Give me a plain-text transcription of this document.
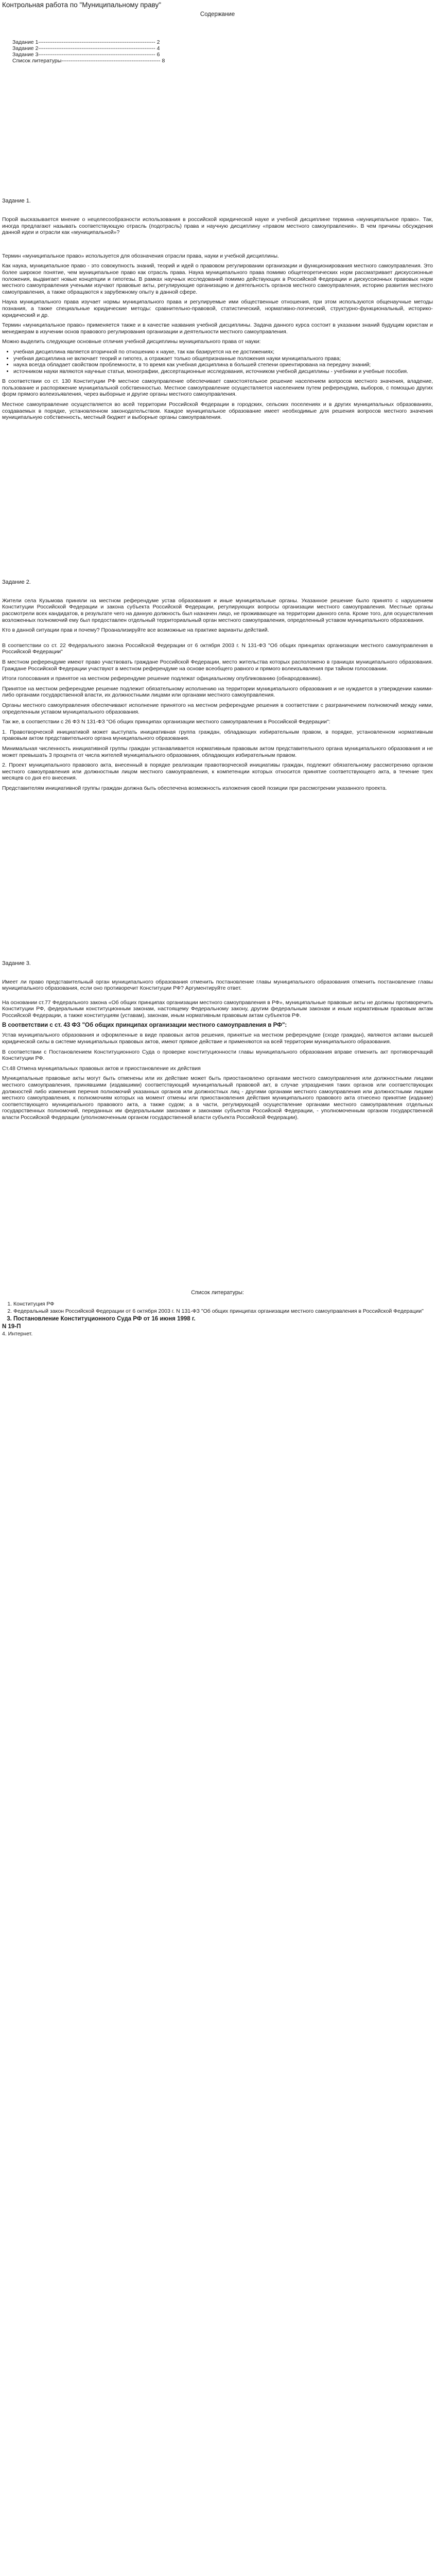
Контрольная работа по "Муниципальному праву"
Содержание
1. Задание 1----------------------------------------------------------------- 2
2. Задание 2----------------------------------------------------------------- 4
3. Задание 3----------------------------------------------------------------- 6
4. Список литературы------------------------------------------------------- 8
Задание 1.

Порой высказывается мнение о нецелесообразности использования в российской юридической науке и учебной дисциплине термина «муниципальное право». Так, иногда предлагают называть соответствующую отрасль (подотрасль) права и научную дисциплину «правом местного самоуправления». В чем причины обсуждения данной идеи и отрасли как «муниципальной»?

Термин «муниципальное право» используется для обозначения отрасли права, науки и учебной дисциплины.

Как наука, муниципальное право - это совокупность знаний, теорий и идей о правовом регулировании организации и функционирования местного самоуправления. Это более широкое понятие, чем муниципальное право как отрасль права. Наука муниципального права помимо общетеоретических норм рассматривает дискуссионные положения, выдвигает новые концепции и гипотезы. В рамках научных исследований помимо действующих в Российской Федерации и дискуссионных правовых норм местного самоуправления учеными изучают правовые акты, регулирующие организацию и деятельность органов местного самоуправления, историю развития местного самоуправления, а также обращаются к зарубежному опыту в данной сфере.

Наука муниципального права изучает нормы муниципального права и регулируемые ими общественные отношения, при этом используются общенаучные методы познания, а также специальные юридические методы: сравнительно-правовой, статистический, нормативно-логический, структурно-функциональный, историко-юридический и др.

Термин «муниципальное право» применяется также и в качестве названия учебной дисциплины. Задача данного курса состоит в указании знаний будущим юристам и менеджерам в изучении основ правового регулирования организации и деятельности местного самоуправления.

Можно выделить следующие основные отличия учебной дисциплины муниципального права от науки:

• учебная дисциплина является вторичной по отношению к науке, так как базируется на ее достижениях;
• учебная дисциплина не включает теорий и гипотез, а отражает только общепризнанные положения науки муниципального права;
• наука всегда обладает свойством проблемности, в то время как учебная дисциплина в большей степени ориентирована на передачу знаний;
• источником науки являются научные статьи, монографии, диссертационные исследования, источником учебной дисциплины - учебники и учебные пособия.

В соответствии со ст. 130 Конституции РФ местное самоуправление обеспечивает самостоятельное решение населением вопросов местного значения, владение, пользование и распоряжение муниципальной собственностью. Местное самоуправление осуществляется населением путем референдума, выборов, с помощью других форм прямого волеизъявления, через выборные и другие органы местного самоуправления.

Местное самоуправление осуществляется во всей территории Российской Федерации в городских, сельских поселениях и в других муниципальных образованиях, создаваемых в порядке, установленном законодательством. Каждое муниципальное образование имеет необходимые для решения вопросов местного значения муниципальную собственность, местный бюджет и выборные органы самоуправления.

Задание 2.

Жители села Кузьмова приняли на местном референдуме устав образования и иные муниципальные органы. Указанное решение было принято с нарушением Конституции Российской Федерации и закона субъекта Российской Федерации, регулирующих вопросы организации местного самоуправления. Местные органы рассмотрели всех кандидатов, в результате чего на данную должность был назначен лицо, не проживающее на территории данного села. Кроме того, для осуществления возложенных полномочий ему был предоставлен отдельный территориальный орган местного самоуправления, определенный уставом муниципального образования.

Кто в данной ситуации прав и почему? Проанализируйте все возможные на практике варианты действий.

В соответствии со ст. 22 Федерального закона Российской Федерации от 6 октября 2003 г. N 131-ФЗ "Об общих принципах организации местного самоуправления в Российской Федерации"

В местном референдуме имеют право участвовать граждане Российской Федерации, место жительства которых расположено в границах муниципального образования. Граждане Российской Федерации участвуют в местном референдуме на основе всеобщего равного и прямого волеизъявления при тайном голосовании.

Итоги голосования и принятое на местном референдуме решение подлежат официальному опубликованию (обнародованию).

Принятое на местном референдуме решение подлежит обязательному исполнению на территории муниципального образования и не нуждается в утверждении какими-либо органами государственной власти, их должностными лицами или органами местного самоуправления.

Органы местного самоуправления обеспечивают исполнение принятого на местном референдуме решения в соответствии с разграничением полномочий между ними, определенным уставом муниципального образования.

Так же, в соответствии с 26 ФЗ N 131-ФЗ "Об общих принципах организации местного самоуправления в Российской Федерации":

1. Правотворческой инициативой может выступать инициативная группа граждан, обладающих избирательным правом, в порядке, установленном нормативным правовым актом представительного органа муниципального образования.

Минимальная численность инициативной группы граждан устанавливается нормативным правовым актом представительного органа муниципального образования и не может превышать 3 процента от числа жителей муниципального образования, обладающих избирательным правом.

2. Проект муниципального правового акта, внесенный в порядке реализации правотворческой инициативы граждан, подлежит обязательному рассмотрению органом местного самоуправления или должностным лицом местного самоуправления, к компетенции которых относится принятие соответствующего акта, в течение трех месяцев со дня его внесения.

Представителям инициативной группы граждан должна быть обеспечена возможность изложения своей позиции при рассмотрении указанного проекта.

Задание 3.

Имеет ли право представительный орган муниципального образования отменить постановление главы муниципального образования отменить постановление главы муниципального образования, если оно противоречит Конституции РФ? Аргументируйте ответ.

На основании ст.77 Федерального закона «Об общих принципах организации местного самоуправления в РФ», муниципальные правовые акты не должны противоречить Конституции РФ, федеральным конституционным законам, настоящему Федеральному закону, другим федеральным законам и иным нормативным правовым актам Российской Федерации, а также конституциям (уставам), законам, иным нормативным правовым актам субъектов РФ.

В соответствии с ст. 43 ФЗ "Об общих принципах организации местного самоуправления в РФ":

Устав муниципального образования и оформленные в виде правовых актов решения, принятые на местном референдуме (сходе граждан), являются актами высшей юридической силы в системе муниципальных правовых актов, имеют прямое действие и применяются на всей территории муниципального образования.

В соответствии с Постановлением Конституционного Суда о проверке конституционности главы муниципального образования вправе отменить акт противоречащий Конституции РФ.

Ст.48 Отмена муниципальных правовых актов и приостановление их действия

Муниципальные правовые акты могут быть отменены или их действие может быть приостановлено органами местного самоуправления или должностными лицами местного самоуправления, принявшими (издавшими) соответствующий муниципальный правовой акт, в случае упразднения таких органов или соответствующих должностей либо изменения перечня полномочий указанных органов или должностных лиц - другими органами местного самоуправления или должностными лицами местного самоуправления, к полномочиям которых на момент отмены или приостановления действия муниципального правового акта отнесено принятие (издание) соответствующего муниципального правового акта, а также судом; а в части, регулирующей осуществление органами местного самоуправления отдельных государственных полномочий, переданных им федеральными законами и законами субъектов Российской Федерации, - уполномоченным органом государственной власти Российской Федерации (уполномоченным органом государственной власти субъекта Российской Федерации).

Список литературы:
1. Конституция РФ
2. Федеральный закон Российской Федерации от 6 октября 2003 г. N 131-ФЗ "Об общих принципах организации местного самоуправления в Российской Федерации"
3. Постановление Конституционного Суда РФ от 16 июня 1998 г.
N 19-П
4. Интернет.
